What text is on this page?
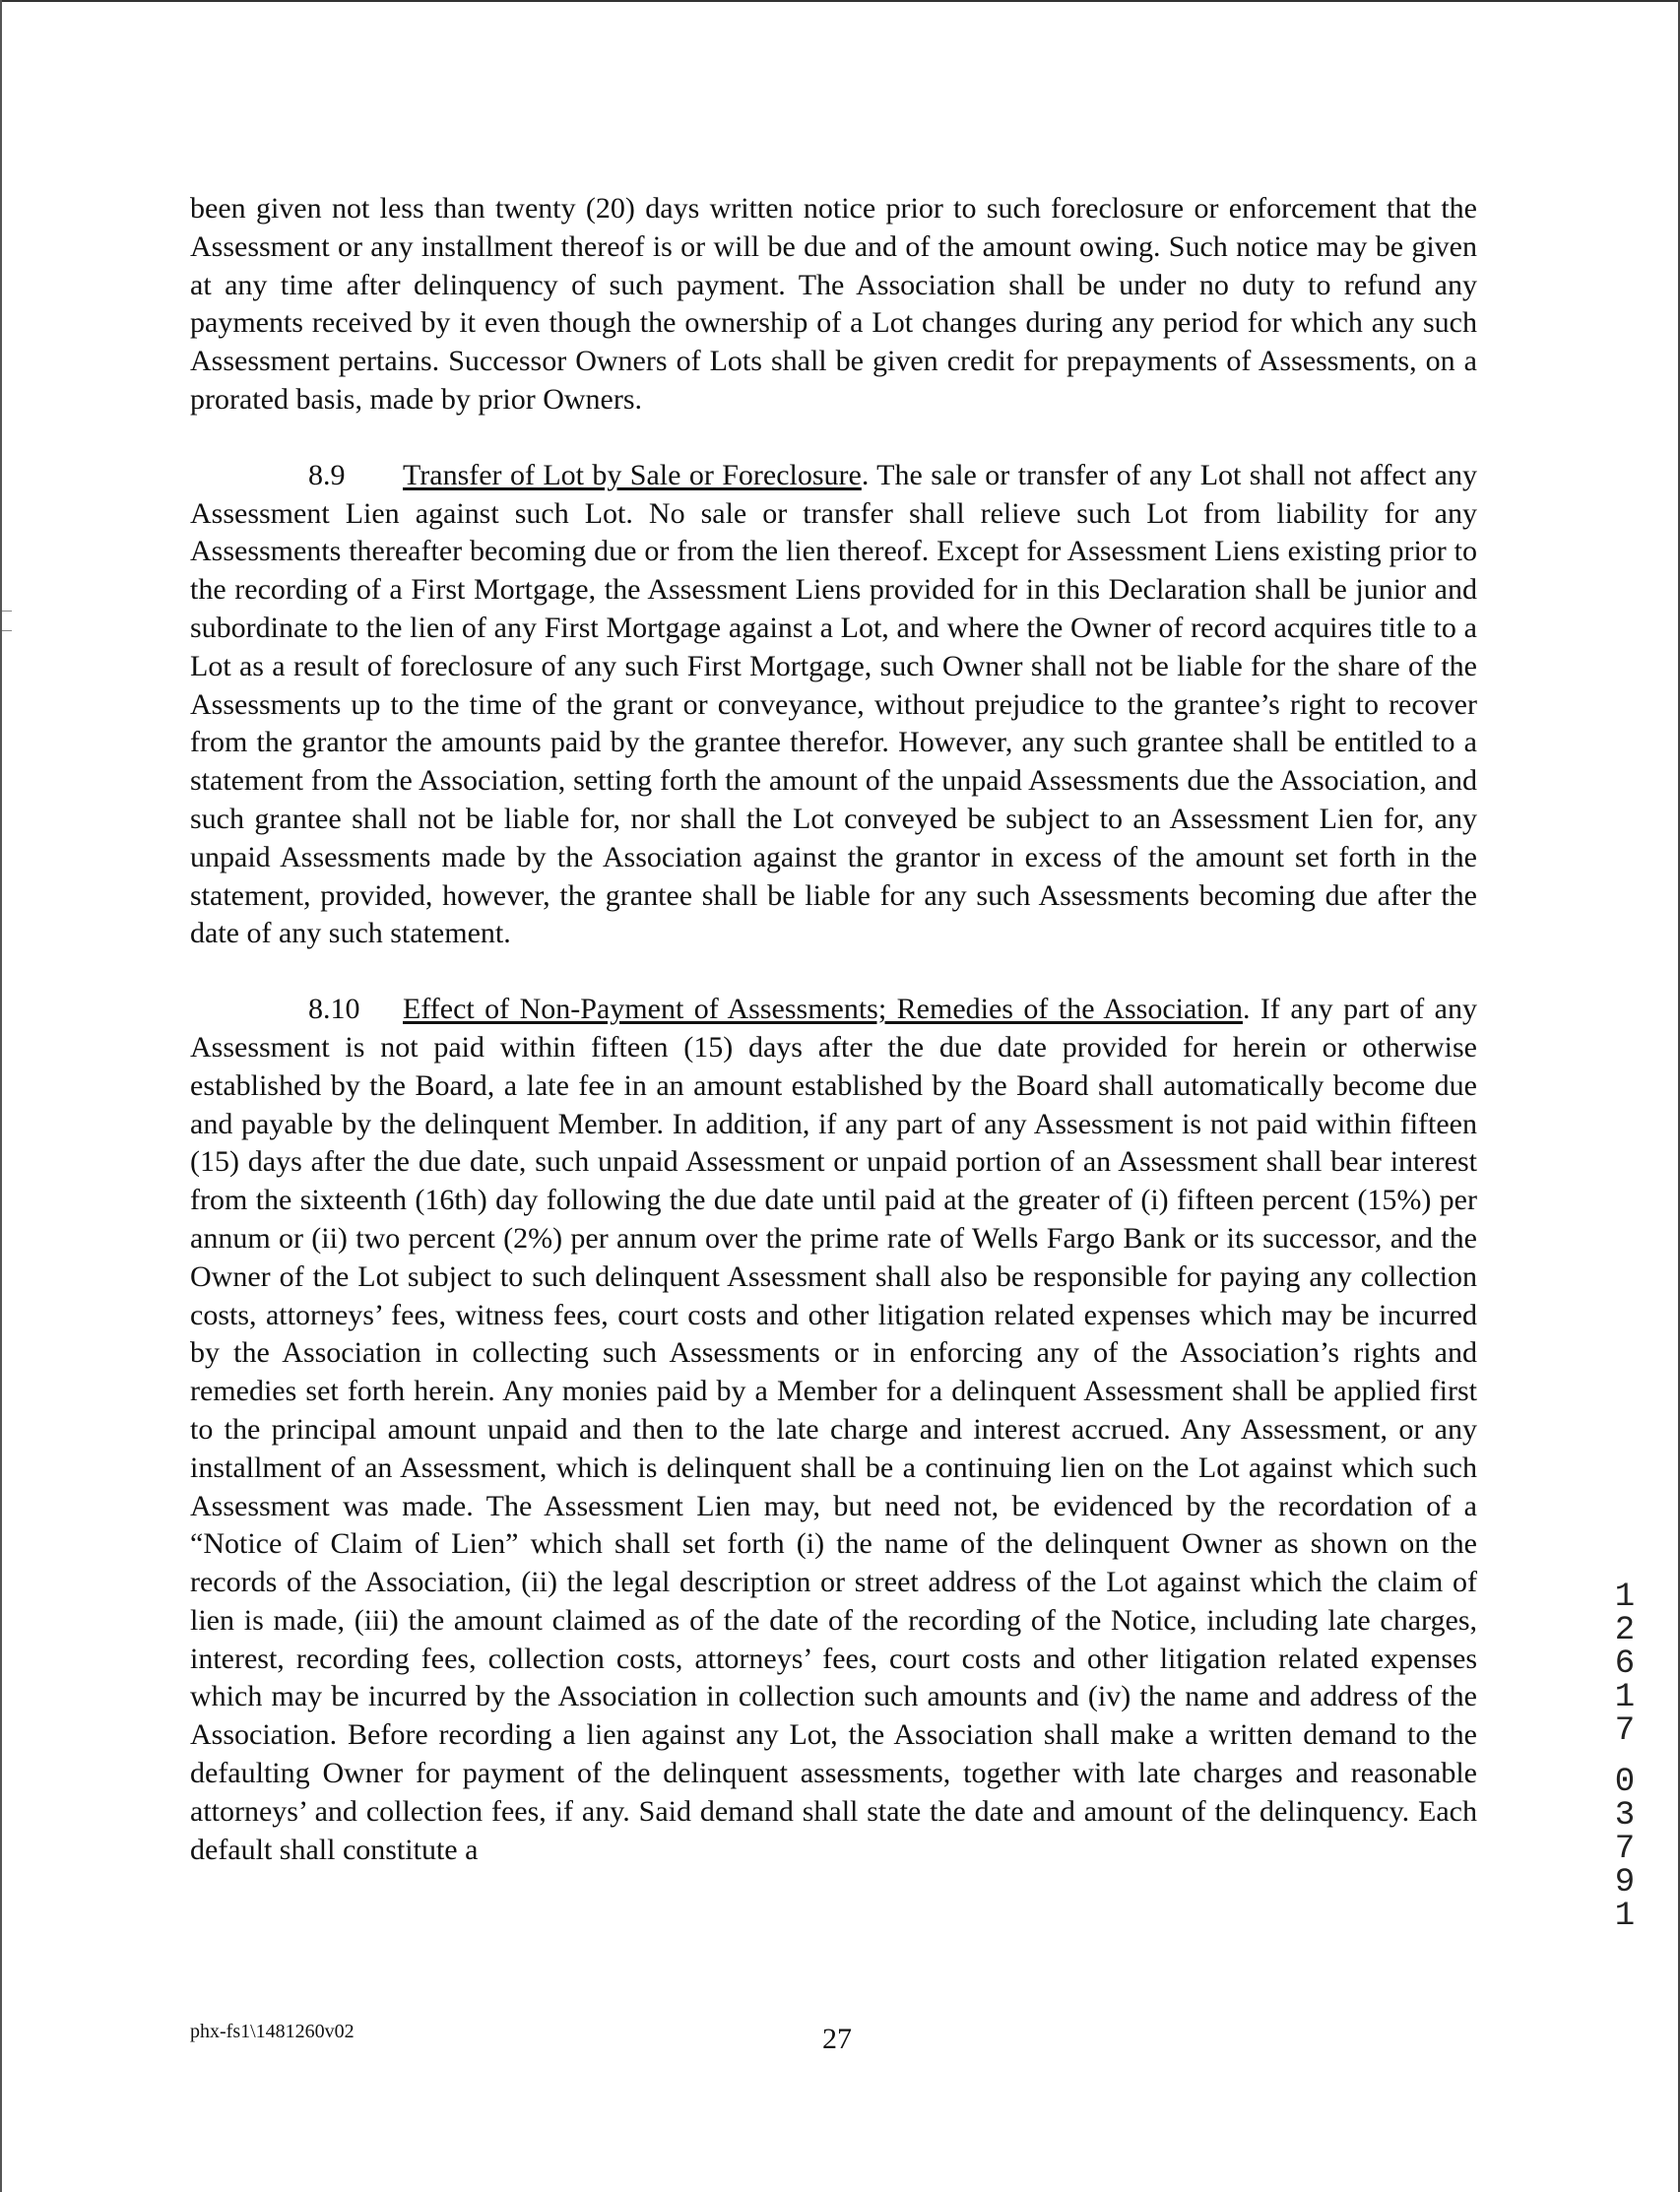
been given not less than twenty (20) days written notice prior to such foreclosure or enforcement that the Assessment or any installment thereof is or will be due and of the amount owing. Such notice may be given at any time after delinquency of such payment. The Association shall be under no duty to refund any payments received by it even though the ownership of a Lot changes during any period for which any such Assessment pertains. Successor Owners of Lots shall be given credit for prepayments of Assessments, on a prorated basis, made by prior Owners.

8.9 Transfer of Lot by Sale or Foreclosure. The sale or transfer of any Lot shall not affect any Assessment Lien against such Lot. No sale or transfer shall relieve such Lot from liability for any Assessments thereafter becoming due or from the lien thereof. Except for Assessment Liens existing prior to the recording of a First Mortgage, the Assessment Liens provided for in this Declaration shall be junior and subordinate to the lien of any First Mortgage against a Lot, and where the Owner of record acquires title to a Lot as a result of foreclosure of any such First Mortgage, such Owner shall not be liable for the share of the Assessments up to the time of the grant or conveyance, without prejudice to the grantee’s right to recover from the grantor the amounts paid by the grantee therefor. However, any such grantee shall be entitled to a statement from the Association, setting forth the amount of the unpaid Assessments due the Association, and such grantee shall not be liable for, nor shall the Lot conveyed be subject to an Assessment Lien for, any unpaid Assessments made by the Association against the grantor in excess of the amount set forth in the statement, provided, however, the grantee shall be liable for any such Assessments becoming due after the date of any such statement.

8.10 Effect of Non-Payment of Assessments; Remedies of the Association. If any part of any Assessment is not paid within fifteen (15) days after the due date provided for herein or otherwise established by the Board, a late fee in an amount established by the Board shall automatically become due and payable by the delinquent Member. In addition, if any part of any Assessment is not paid within fifteen (15) days after the due date, such unpaid Assessment or unpaid portion of an Assessment shall bear interest from the sixteenth (16th) day following the due date until paid at the greater of (i) fifteen percent (15%) per annum or (ii) two percent (2%) per annum over the prime rate of Wells Fargo Bank or its successor, and the Owner of the Lot subject to such delinquent Assessment shall also be responsible for paying any collection costs, attorneys’ fees, witness fees, court costs and other litigation related expenses which may be incurred by the Association in collecting such Assessments or in enforcing any of the Association’s rights and remedies set forth herein. Any monies paid by a Member for a delinquent Assessment shall be applied first to the principal amount unpaid and then to the late charge and interest accrued. Any Assessment, or any installment of an Assessment, which is delinquent shall be a continuing lien on the Lot against which such Assessment was made. The Assessment Lien may, but need not, be evidenced by the recordation of a “Notice of Claim of Lien” which shall set forth (i) the name of the delinquent Owner as shown on the records of the Association, (ii) the legal description or street address of the Lot against which the claim of lien is made, (iii) the amount claimed as of the date of the recording of the Notice, including late charges, interest, recording fees, collection costs, attorneys’ fees, court costs and other litigation related expenses which may be incurred by the Association in collection such amounts and (iv) the name and address of the Association. Before recording a lien against any Lot, the Association shall make a written demand to the defaulting Owner for payment of the delinquent assessments, together with late charges and reasonable attorneys’ and collection fees, if any. Said demand shall state the date and amount of the delinquency. Each default shall constitute a

phx-fs1\1481260v02	27
1
2
6
1
7
0
3
7
9
1
